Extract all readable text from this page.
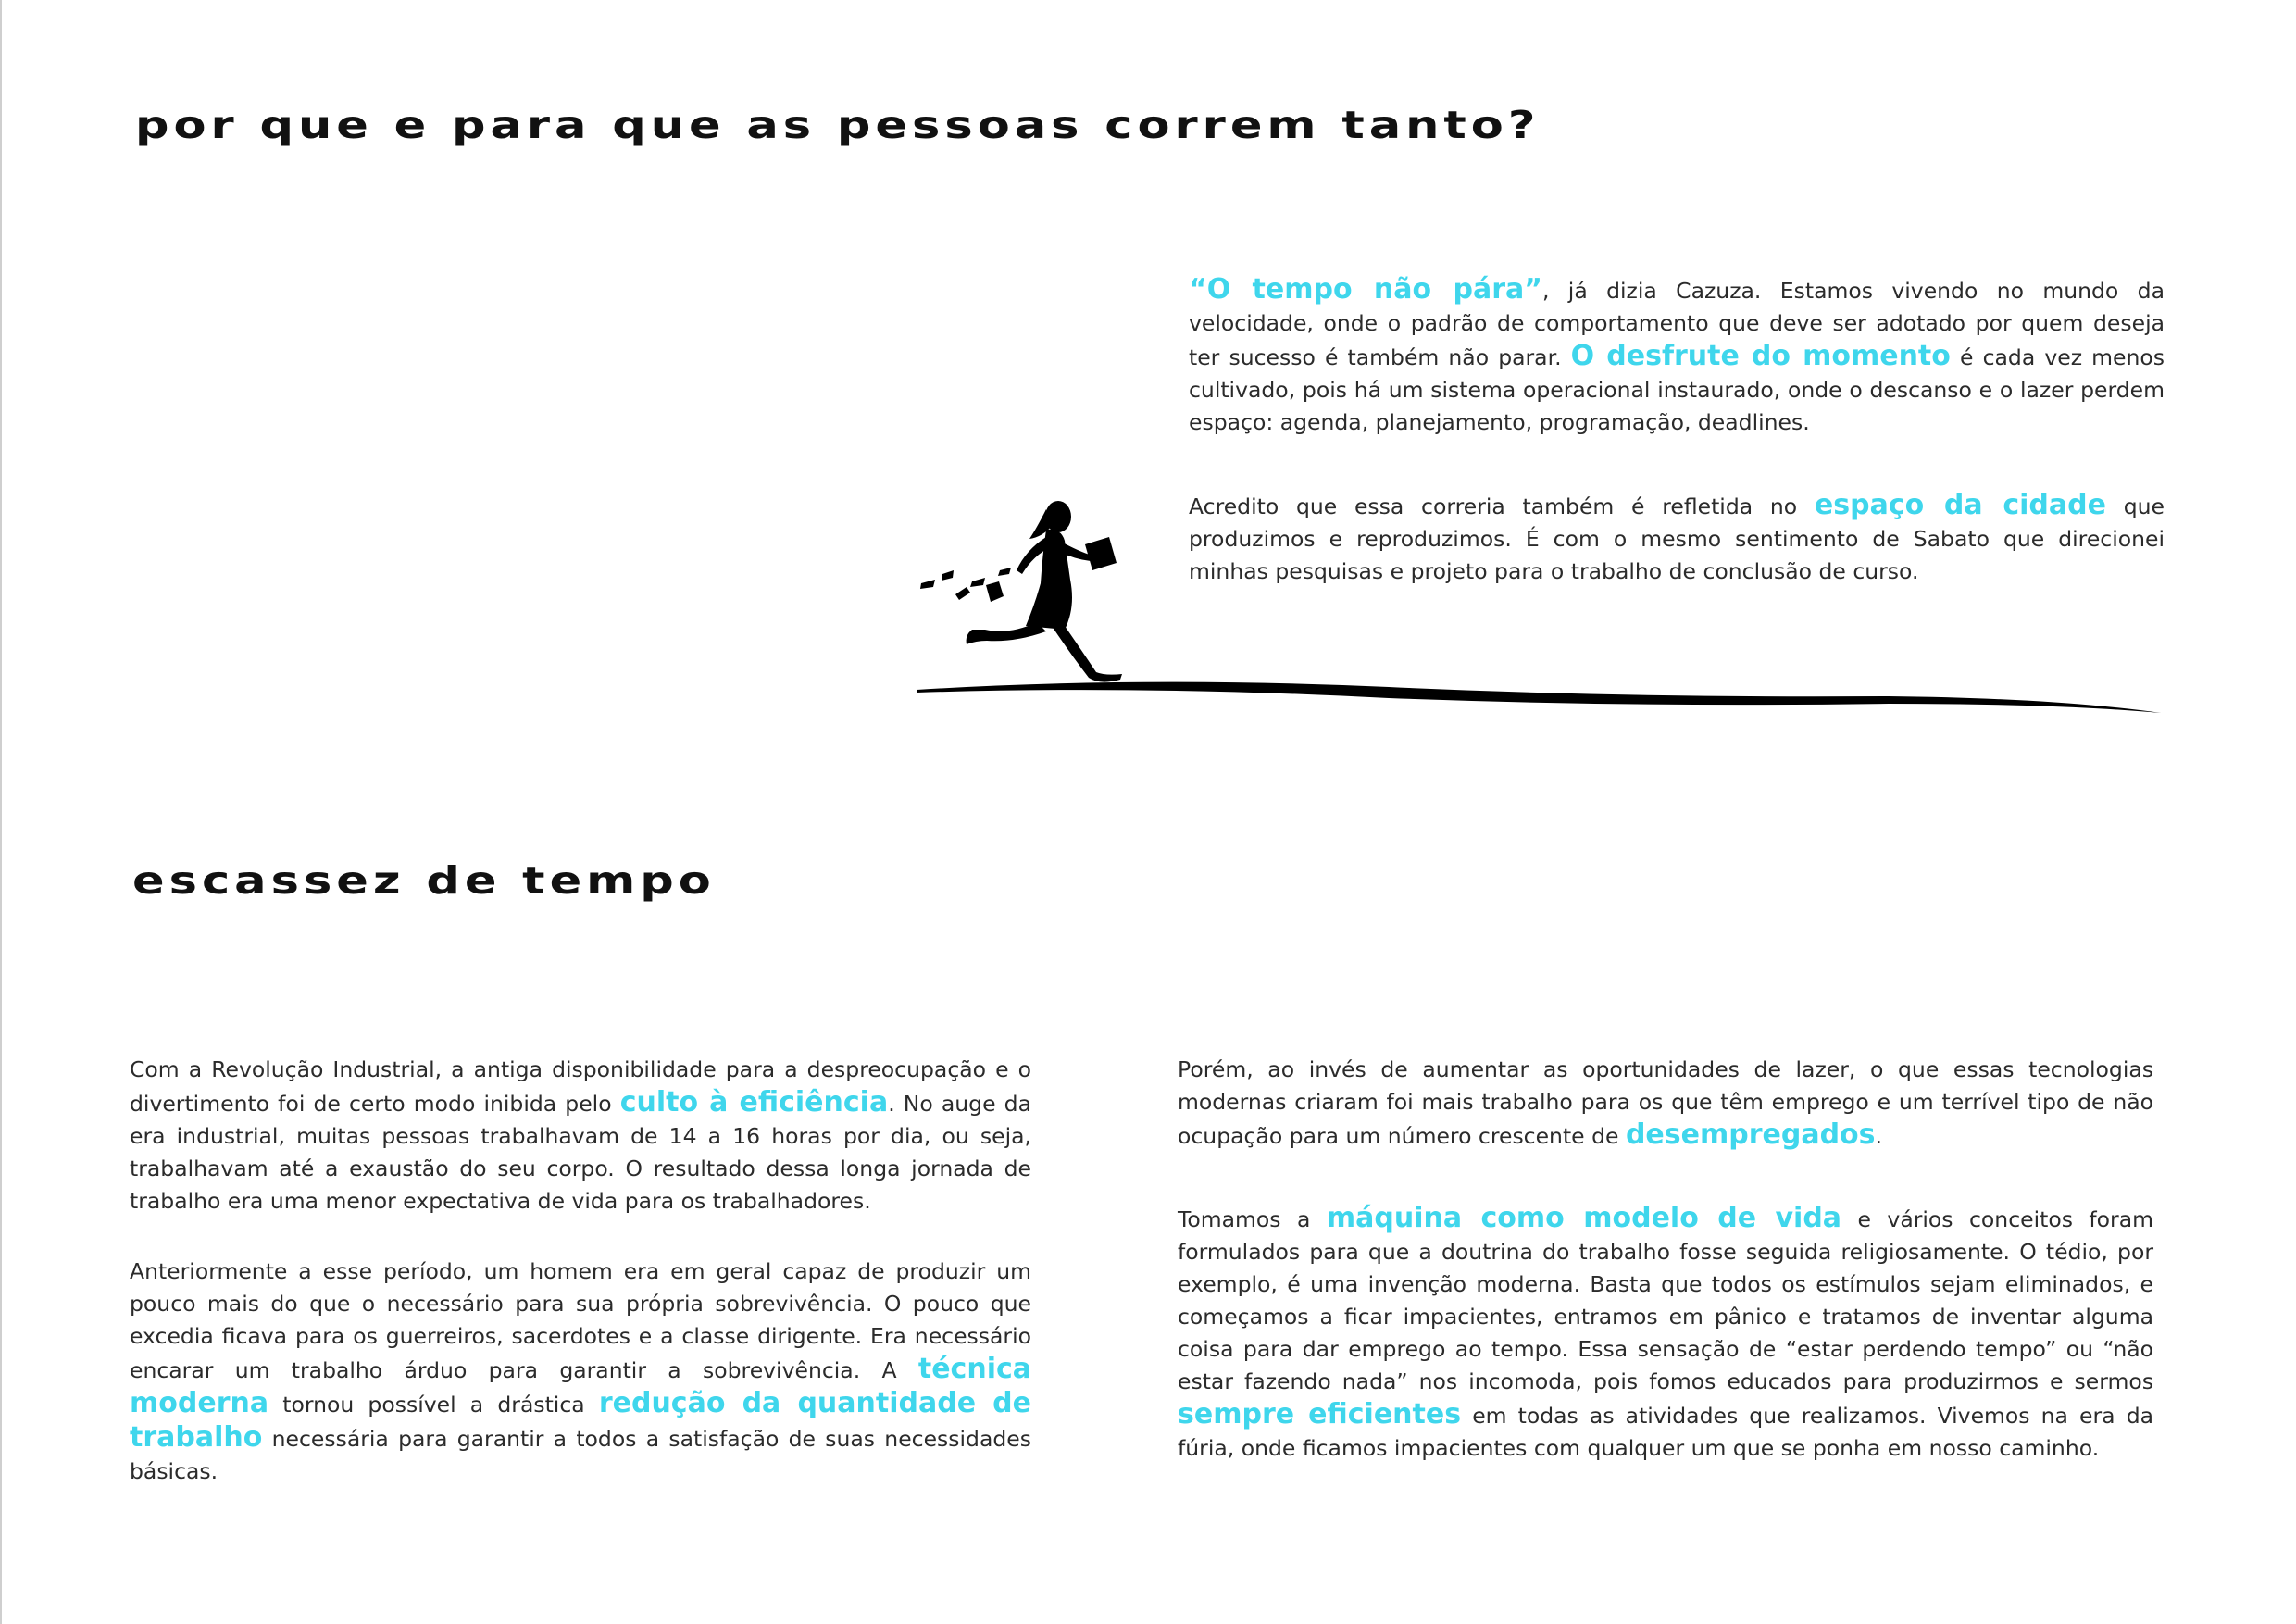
por que e para que as pessoas correm tanto?

“O tempo não pára”, já dizia Cazuza. Estamos vivendo no mundo da velocidade, onde o padrão de comportamento que deve ser adotado por quem deseja ter sucesso é também não parar. O desfrute do momento é cada vez menos cultivado, pois há um sistema operacional instaurado, onde o descanso e o lazer perdem espaço: agenda, planejamento, programação, deadlines.

Acredito que essa correria também é refletida no espaço da cidade que produzimos e reproduzimos. É com o mesmo sentimento de Sabato que direcionei minhas pesquisas e projeto para o trabalho de conclusão de curso.

escassez de tempo

Com a Revolução Industrial, a antiga disponibilidade para a despreocupação e o divertimento foi de certo modo inibida pelo culto à eficiência. No auge da era industrial, muitas pessoas trabalhavam de 14 a 16 horas por dia, ou seja, trabalhavam até a exaustão do seu corpo. O resultado dessa longa jornada de trabalho era uma menor expectativa de vida para os trabalhadores.

Anteriormente a esse período, um homem era em geral capaz de produzir um pouco mais do que o necessário para sua própria sobrevivência. O pouco que excedia ficava para os guerreiros, sacerdotes e a classe dirigente. Era necessário encarar um trabalho árduo para garantir a sobrevivência. A técnica moderna tornou possível a drástica redução da quantidade de trabalho necessária para garantir a todos a satisfação de suas necessidades básicas.

Porém, ao invés de aumentar as oportunidades de lazer, o que essas tecnologias modernas criaram foi mais trabalho para os que têm emprego e um terrível tipo de não ocupação para um número crescente de desempregados.

Tomamos a máquina como modelo de vida e vários conceitos foram formulados para que a doutrina do trabalho fosse seguida religiosamente. O tédio, por exemplo, é uma invenção moderna. Basta que todos os estímulos sejam eliminados, e começamos a ficar impacientes, entramos em pânico e tratamos de inventar alguma coisa para dar emprego ao tempo. Essa sensação de “estar perdendo tempo” ou “não estar fazendo nada” nos incomoda, pois fomos educados para produzirmos e sermos sempre eficientes em todas as atividades que realizamos. Vivemos na era da fúria, onde ficamos impacientes com qualquer um que se ponha em nosso caminho.
